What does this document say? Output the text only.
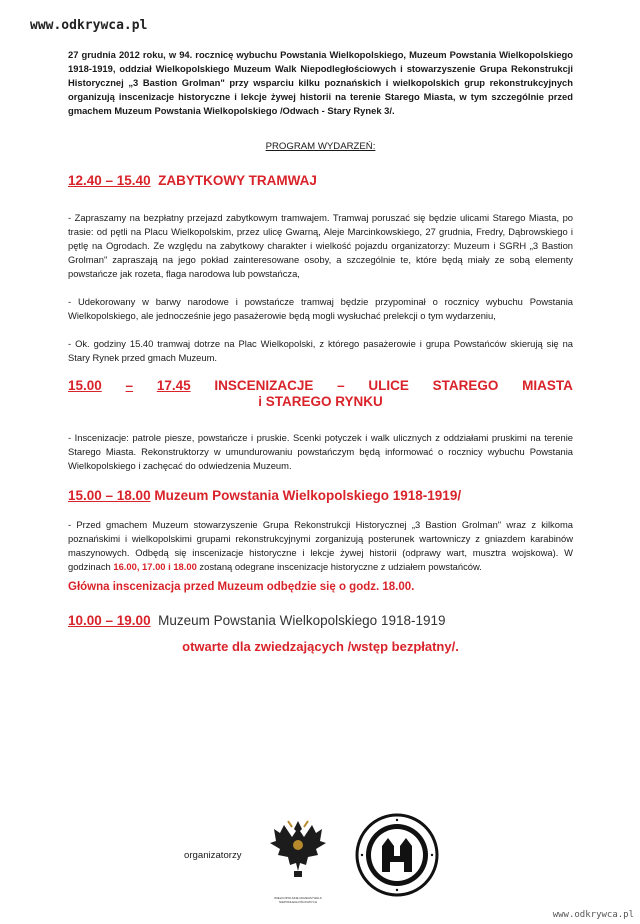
www.odkrywca.pl

27 grudnia 2012 roku, w 94. rocznicę wybuchu Powstania Wielkopolskiego, Muzeum Powstania Wielkopolskiego 1918-1919, oddział Wielkopolskiego Muzeum Walk Niepodległościowych i stowarzyszenie Grupa Rekonstrukcji Historycznej „3 Bastion Grolman" przy wsparciu kilku poznańskich i wielkopolskich grup rekonstrukcyjnych organizują inscenizacje historyczne i lekcje żywej historii na terenie Starego Miasta, w tym szczególnie przed gmachem Muzeum Powstania Wielkopolskiego /Odwach - Stary Rynek 3/.

PROGRAM WYDARZEŃ:

12.40 – 15.40 ZABYTKOWY TRAMWAJ

- Zapraszamy na bezpłatny przejazd zabytkowym tramwajem. Tramwaj poruszać się będzie ulicami Starego Miasta, po trasie: od pętli na Placu Wielkopolskim, przez ulicę Gwarną, Aleje Marcinkowskiego, 27 grudnia, Fredry, Dąbrowskiego i pętlę na Ogrodach. Ze względu na zabytkowy charakter i wielkość pojazdu organizatorzy: Muzeum i SGRH „3 Bastion Grolman" zapraszają na jego pokład zainteresowane osoby, a szczególnie te, które będą miały ze sobą elementy powstańcze jak rozeta, flaga narodowa lub powstańcza,

- Udekorowany w barwy narodowe i powstańcze tramwaj będzie przypominał o rocznicy wybuchu Powstania Wielkopolskiego, ale jednocześnie jego pasażerowie będą mogli wysłuchać prelekcji o tym wydarzeniu,

- Ok. godziny 15.40 tramwaj dotrze na Plac Wielkopolski, z którego pasażerowie i grupa Powstańców skierują się na Stary Rynek przed gmach Muzeum.

15.00 – 17.45 INSCENIZACJE – ULICE STAREGO MIASTA

i STAREGO RYNKU

- Inscenizacje: patrole piesze, powstańcze i pruskie. Scenki potyczek i walk ulicznych z oddziałami pruskimi na terenie Starego Miasta. Rekonstruktorzy w umundurowaniu powstańczym będą informować o rocznicy wybuchu Powstania Wielkopolskiego i zachęcać do odwiedzenia Muzeum.

15.00 – 18.00 Muzeum Powstania Wielkopolskiego 1918-1919/

- Przed gmachem Muzeum stowarzyszenie Grupa Rekonstrukcji Historycznej „3 Bastion Grolman" wraz z kilkoma poznańskimi i wielkopolskimi grupami rekonstrukcyjnymi zorganizują posterunek wartowniczy z gniazdem karabinów maszynowych. Odbędą się inscenizacje historyczne i lekcje żywej historii (odprawy wart, musztra wojskowa). W godzinach 16.00, 17.00 i 18.00 zostaną odegrane inscenizacje historyczne z udziałem powstańców.

Główna inscenizacja przed Muzeum odbędzie się o godz. 18.00.

10.00 – 19.00 Muzeum Powstania Wielkopolskiego 1918-1919

otwarte dla zwiedzających /wstęp bezpłatny/.

organizatorzy
WIELKOPOLSKIE MUZEUM WALK NIEPODLEGŁOŚCIOWYCH
www.odkrywca.pl
